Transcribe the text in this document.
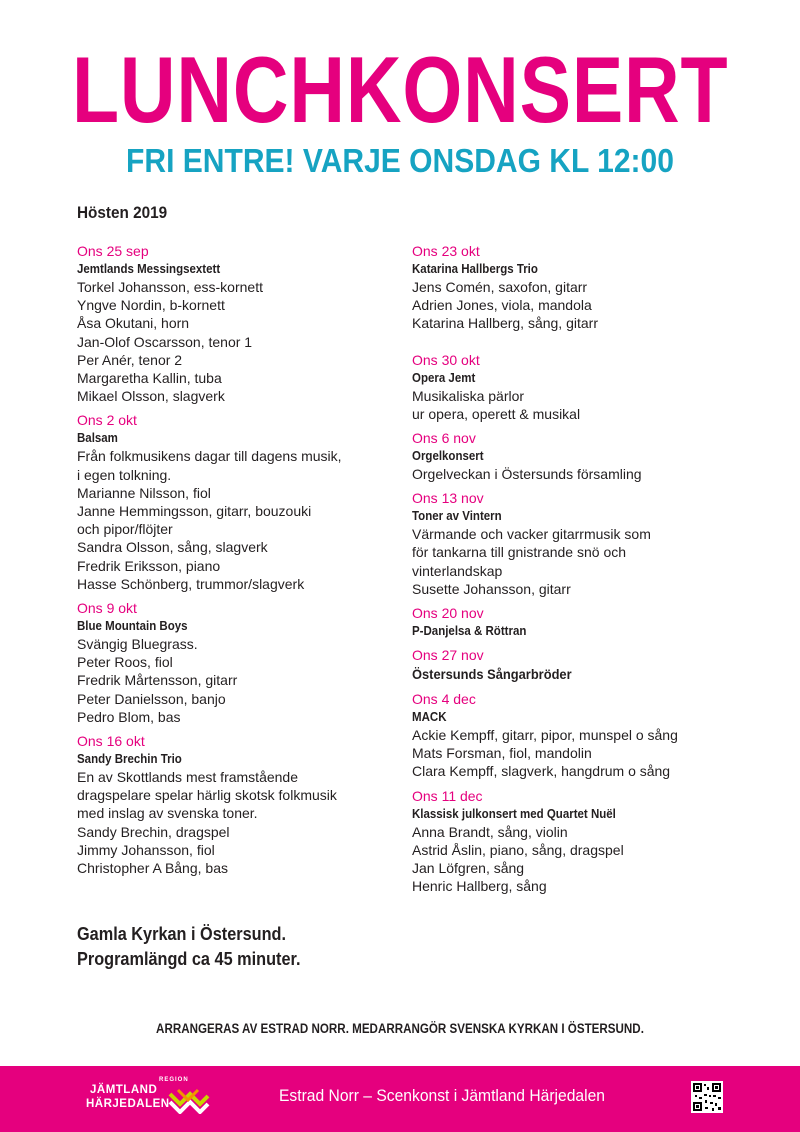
LUNCHKONSERT
FRI ENTRE! VARJE ONSDAG KL 12:00
Hösten 2019
Ons 25 sep
Jemtlands Messingsextett
Torkel Johansson, ess-kornett
Yngve Nordin, b-kornett
Åsa Okutani, horn
Jan-Olof Oscarsson, tenor 1
Per Anér, tenor 2
Margaretha Kallin, tuba
Mikael Olsson, slagverk
Ons 2 okt
Balsam
Från folkmusikens dagar till dagens musik,
i egen tolkning.
Marianne Nilsson, fiol
Janne Hemmingsson, gitarr, bouzouki
och pipor/flöjter
Sandra Olsson, sång, slagverk
Fredrik Eriksson, piano
Hasse Schönberg, trummor/slagverk
Ons 9 okt
Blue Mountain Boys
Svängig Bluegrass.
Peter Roos, fiol
Fredrik Mårtensson, gitarr
Peter Danielsson, banjo
Pedro Blom, bas
Ons 16 okt
Sandy Brechin Trio
En av Skottlands mest framstående
dragspelare spelar härlig skotsk folkmusik
med inslag av svenska toner.
Sandy Brechin, dragspel
Jimmy Johansson, fiol
Christopher A Bång, bas
Ons 23 okt
Katarina Hallbergs Trio
Jens Comén, saxofon, gitarr
Adrien Jones, viola, mandola
Katarina Hallberg, sång, gitarr
Ons 30 okt
Opera Jemt
Musikaliska pärlor
ur opera, operett & musikal
Ons 6 nov
Orgelkonsert
Orgelveckan i Östersunds församling
Ons 13 nov
Toner av Vintern
Värmande och vacker gitarrmusik som
för tankarna till gnistrande snö och
vinterlandskap
Susette Johansson, gitarr
Ons 20 nov
P-Danjelsa & Röttran
Ons 27 nov
Östersunds Sångarbröder
Ons 4 dec
MACK
Ackie Kempff, gitarr, pipor, munspel o sång
Mats Forsman, fiol, mandolin
Clara Kempff, slagverk, hangdrum o sång
Ons 11 dec
Klassisk julkonsert med Quartet Nuël
Anna Brandt, sång, violin
Astrid Åslin, piano, sång, dragspel
Jan Löfgren, sång
Henric Hallberg, sång
Gamla Kyrkan i Östersund.
Programlängd ca 45 minuter.
ARRANGERAS AV ESTRAD NORR. MEDARRANGÖR SVENSKA KYRKAN I ÖSTERSUND.
REGION
JÄMTLAND
HÄRJEDALEN	Estrad Norr – Scenkonst i Jämtland Härjedalen
